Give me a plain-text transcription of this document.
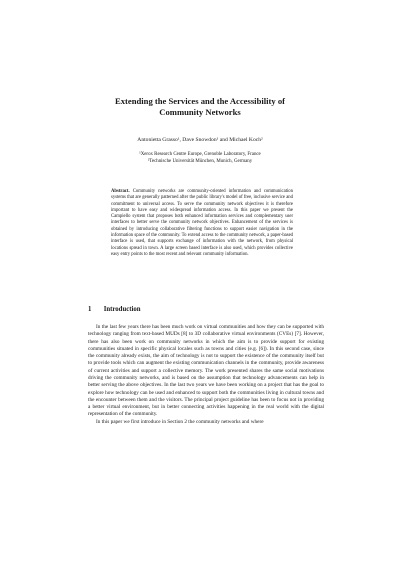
Extending the Services and the Accessibility of
Community Networks
Antonietta Grasso¹, Dave Snowdon¹ and Michael Koch²
¹Xerox Research Centre Europe, Grenoble Laboratory, France
²Technische Universität München, Munich, Germany
Abstract. Community networks are community-oriented information and communication systems that are generally patterned after the public library's model of free, inclusive service and commitment to universal access. To serve the community network objectives it is therefore important to have easy and widespread information access. In this paper we present the Campiello system that proposes both enhanced information services and complementary user interfaces to better serve the community network objectives. Enhancement of the services is obtained by introducing collaborative filtering functions to support easier navigation in the information space of the community. To extend access to the community network, a paper-based interface is used, that supports exchange of information with the network, from physical locations spread in town. A large screen based interface is also used, which provides collective easy entry points to the most recent and relevant community information.
1 Introduction

In the last few years there has been much work on virtual communities and how they can be supported with technology ranging from text-based MUDs [8] to 3D collaborative virtual environments (CVEs) [7]. However, there has also been work on community networks in which the aim is to provide support for existing communities situated in specific physical locales such as towns and cities (e.g. [6]). In this second case, since the community already exists, the aim of technology is not to support the existence of the community itself but to provide tools which can augment the existing communication channels in the community, provide awareness of current activities and support a collective memory. The work presented shares the same social motivations driving the community networks, and is based on the assumption that technology advancements can help in better serving the above objectives. In the last two years we have been working on a project that has the goal to explore how technology can be used and enhanced to support both the communities living in cultural towns and the encounter between them and the visitors. The principal project guideline has been to focus not in providing a better virtual environment, but in better connecting activities happening in the real world with the digital representation of the community.

In this paper we first introduce in Section 2 the community networks and where
